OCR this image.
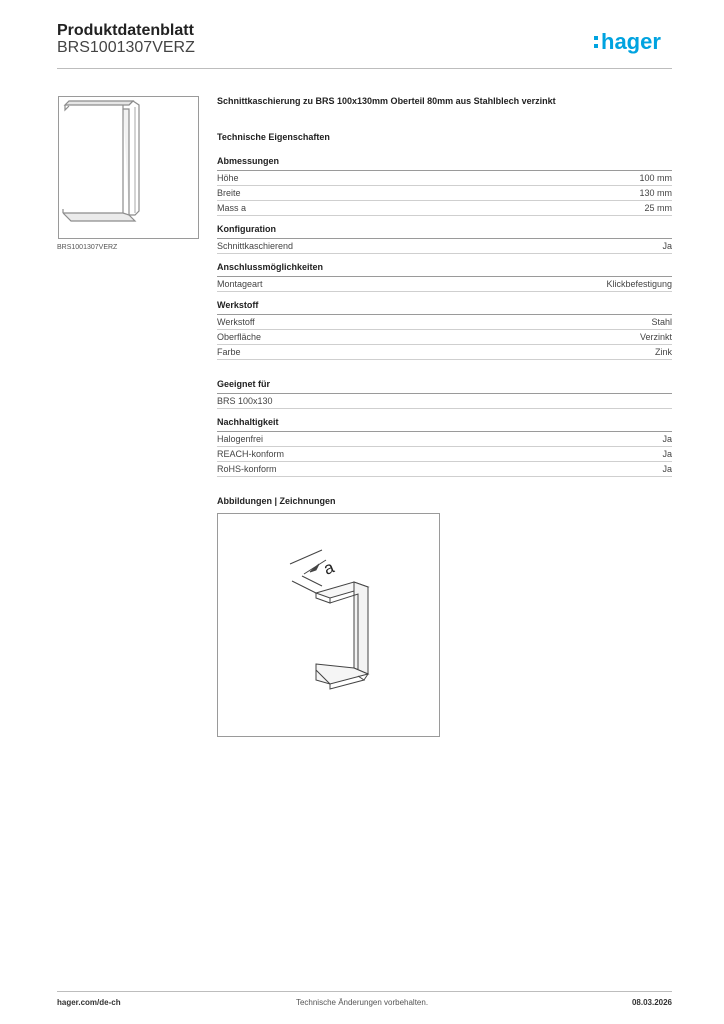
Produktdatenblatt
BRS1001307VERZ	hager
BRS1001307VERZ

Schnittkaschierung zu BRS 100x130mm Oberteil 80mm aus Stahlblech verzinkt

Technische Eigenschaften

Abmessungen
Höhe	100 mm
Breite	130 mm
Mass a	25 mm
Konfiguration
Schnittkaschierend	Ja
Anschlussmöglichkeiten
Montageart	Klickbefestigung
Werkstoff
Werkstoff	Stahl
Oberfläche	Verzinkt
Farbe	Zink
Geeignet für
BRS 100x130
Nachhaltigkeit
Halogenfrei	Ja
REACH-konform	Ja
RoHS-konform	Ja

Abbildungen | Zeichnungen

a
hager.com/de-ch	Technische Änderungen vorbehalten.	08.03.2026
